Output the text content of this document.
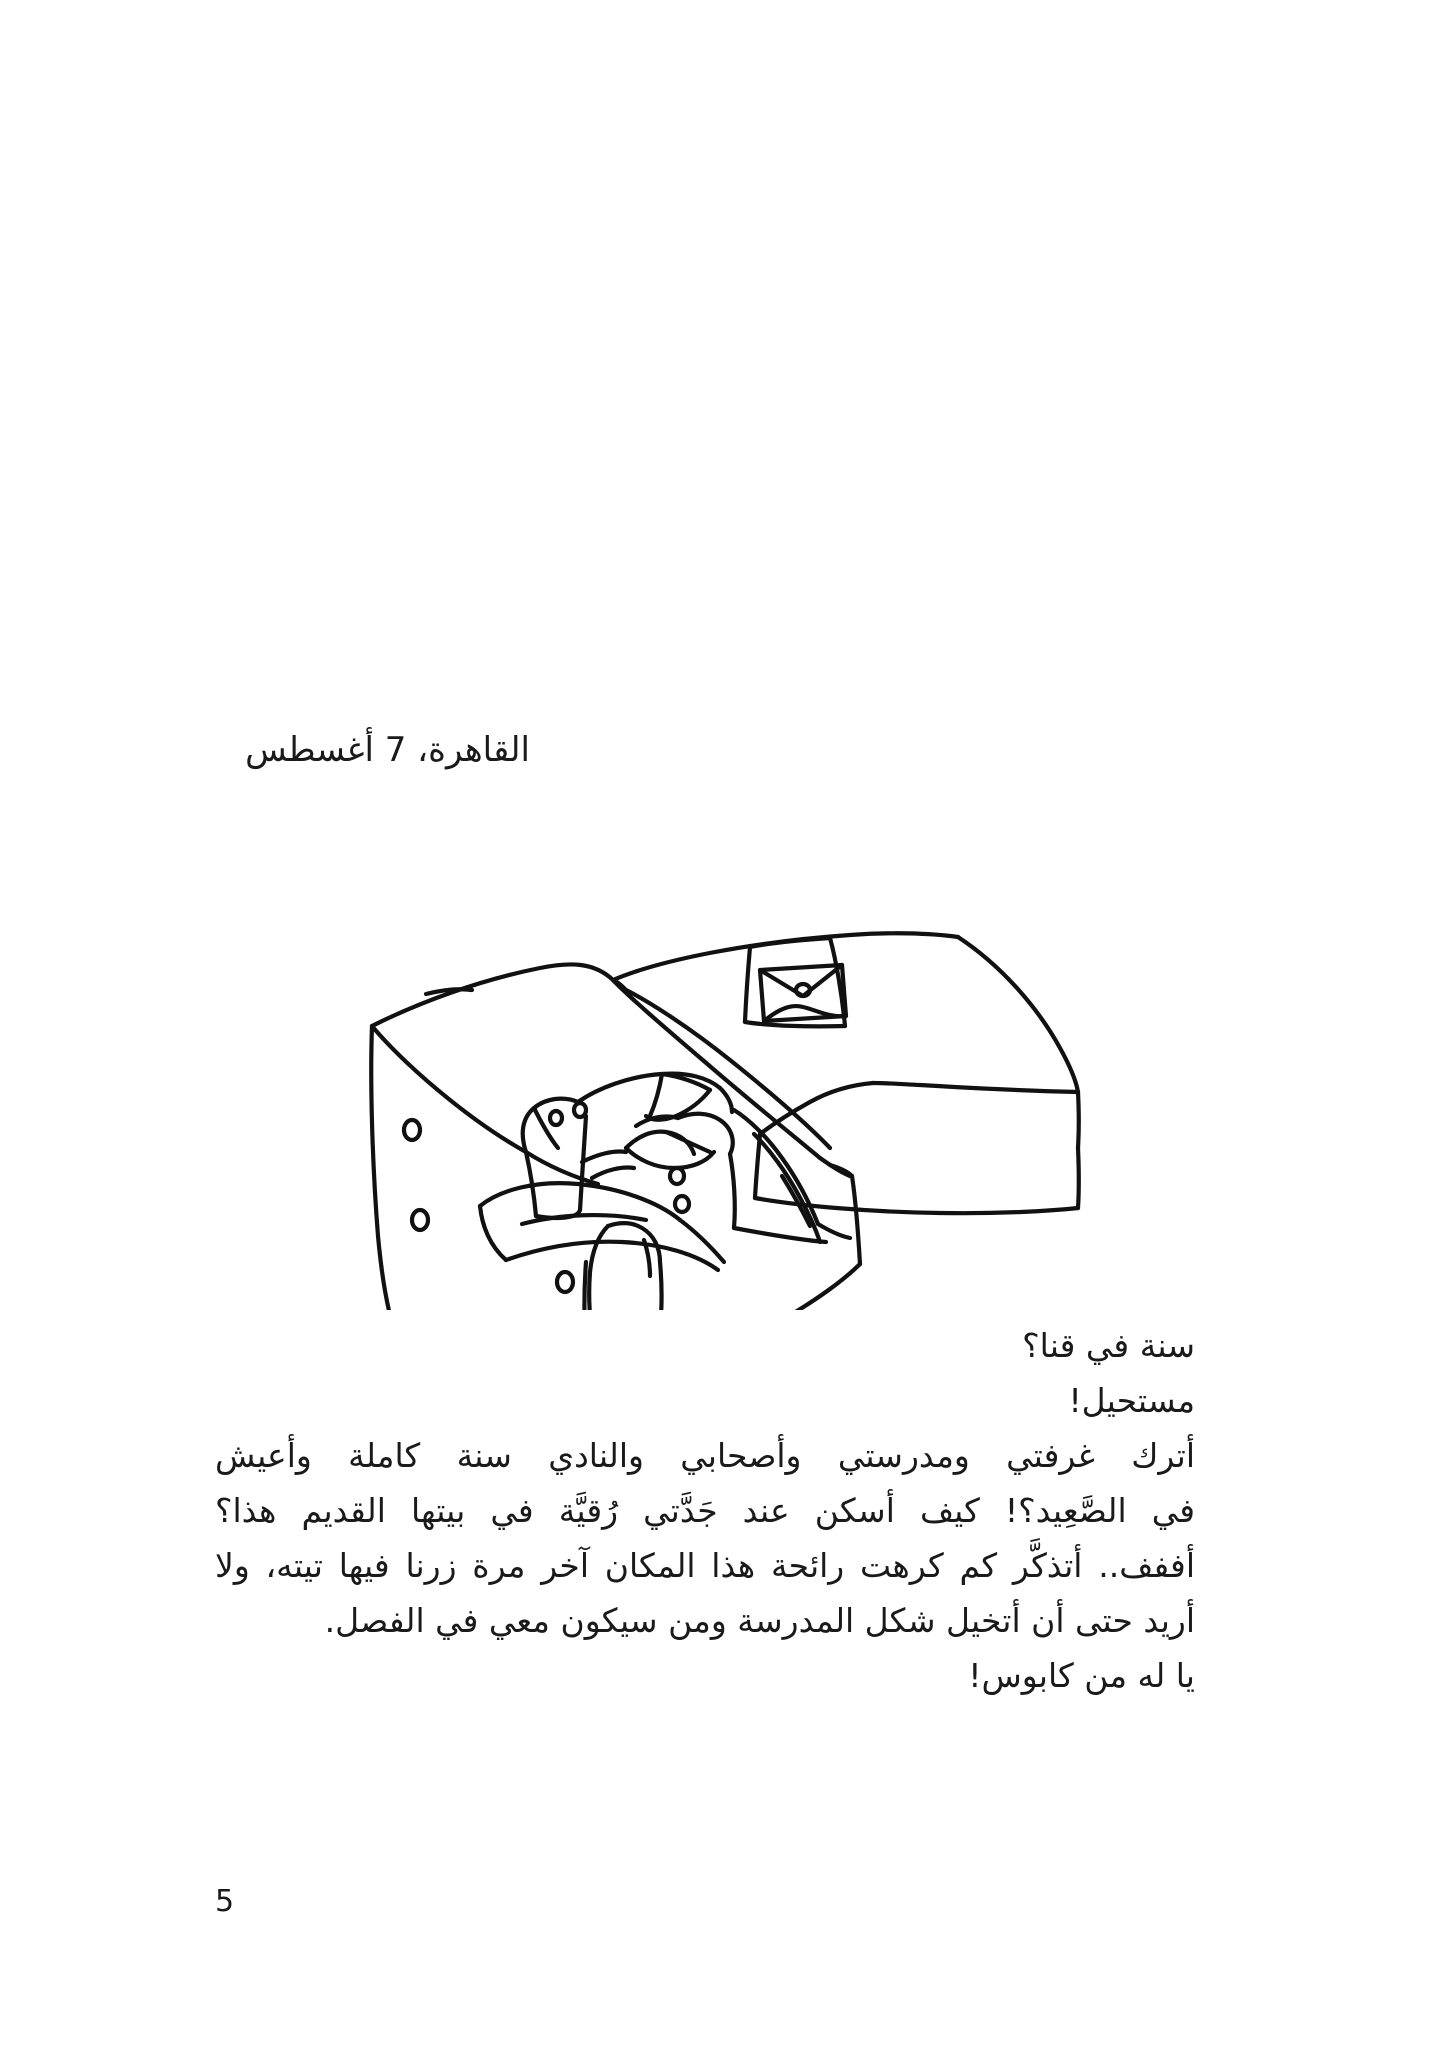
القاهرة، 7 أغسطس

سنة في قنا؟

مستحيل!

أترك غرفتي ومدرستي وأصحابي والنادي سنة كاملة وأعيش

في الصَّعِيد؟! كيف أسكن عند جَدَّتي رُقيَّة في بيتها القديم هذا؟

أففف.. أتذكَّر كم كرهت رائحة هذا المكان آخر مرة زرنا فيها تيته، ولا

أريد حتى أن أتخيل شكل المدرسة ومن سيكون معي في الفصل.

يا له من كابوس!

5
